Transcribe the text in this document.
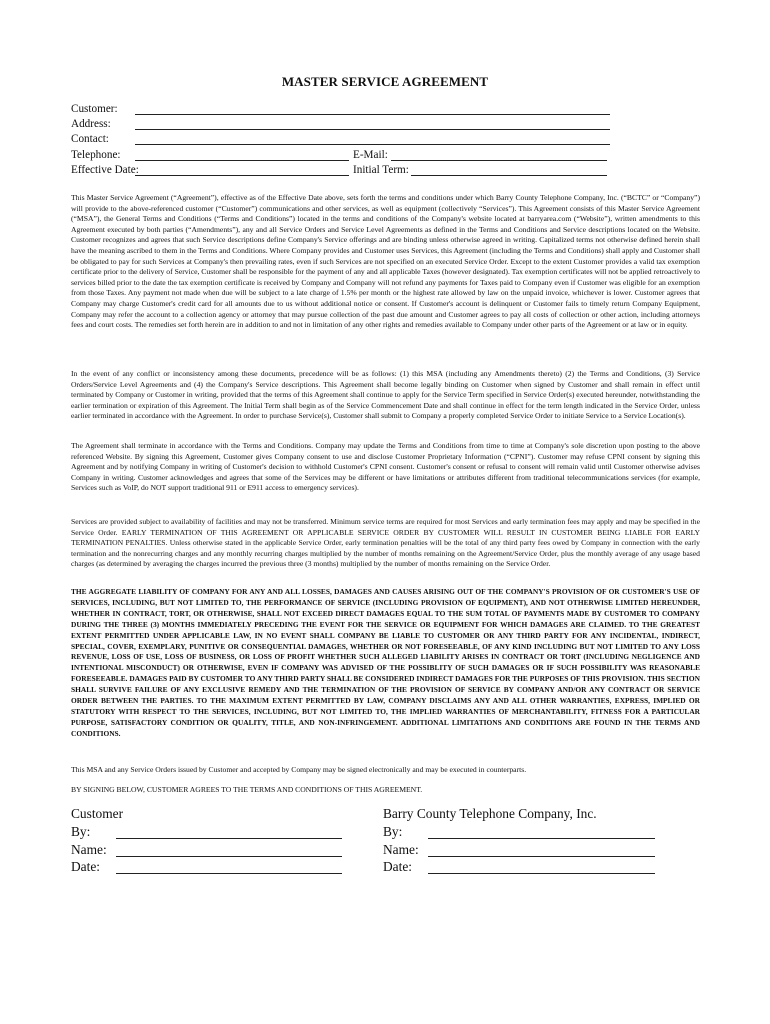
MASTER SERVICE AGREEMENT
Customer:
Address:
Contact:
Telephone:	E-Mail:
Effective Date:	Initial Term:
This Master Service Agreement (“Agreement”), effective as of the Effective Date above, sets forth the terms and conditions under which Barry County Telephone Company, Inc. (“BCTC” or “Company”) will provide to the above-referenced customer (“Customer”) communications and other services, as well as equipment (collectively “Services”). This Agreement consists of this Master Service Agreement (“MSA”), the General Terms and Conditions (“Terms and Conditions”) located in the terms and conditions of the Company's website located at barryarea.com (“Website”), written amendments to this Agreement executed by both parties (“Amendments”), any and all Service Orders and Service Level Agreements as defined in the Terms and Conditions and Service descriptions located on the Website. Customer recognizes and agrees that such Service descriptions define Company's Service offerings and are binding unless otherwise agreed in writing. Capitalized terms not otherwise defined herein shall have the meaning ascribed to them in the Terms and Conditions. Where Company provides and Customer uses Services, this Agreement (including the Terms and Conditions) shall apply and Customer shall be obligated to pay for such Services at Company's then prevailing rates, even if such Services are not specified on an executed Service Order. Except to the extent Customer provides a valid tax exemption certificate prior to the delivery of Service, Customer shall be responsible for the payment of any and all applicable Taxes (however designated). Tax exemption certificates will not be applied retroactively to services billed prior to the date the tax exemption certificate is received by Company and Company will not refund any payments for Taxes paid to Company even if Customer was eligible for an exemption from those Taxes. Any payment not made when due will be subject to a late charge of 1.5% per month or the highest rate allowed by law on the unpaid invoice, whichever is lower. Customer agrees that Company may charge Customer's credit card for all amounts due to us without additional notice or consent. If Customer's account is delinquent or Customer fails to timely return Company Equipment, Company may refer the account to a collection agency or attorney that may pursue collection of the past due amount and Customer agrees to pay all costs of collection or other action, including attorneys fees and court costs. The remedies set forth herein are in addition to and not in limitation of any other rights and remedies available to Company under other parts of the Agreement or at law or in equity.
In the event of any conflict or inconsistency among these documents, precedence will be as follows: (1) this MSA (including any Amendments thereto) (2) the Terms and Conditions, (3) Service Orders/Service Level Agreements and (4) the Company's Service descriptions. This Agreement shall become legally binding on Customer when signed by Customer and shall remain in effect until terminated by Company or Customer in writing, provided that the terms of this Agreement shall continue to apply for the Service Term specified in Service Order(s) executed hereunder, notwithstanding the earlier termination or expiration of this Agreement. The Initial Term shall begin as of the Service Commencement Date and shall continue in effect for the term length indicated in the Service Order, unless earlier terminated in accordance with the Agreement. In order to purchase Service(s), Customer shall submit to Company a properly completed Service Order to initiate Service to a Service Location(s).
The Agreement shall terminate in accordance with the Terms and Conditions. Company may update the Terms and Conditions from time to time at Company's sole discretion upon posting to the above referenced Website. By signing this Agreement, Customer gives Company consent to use and disclose Customer Proprietary Information (“CPNI”). Customer may refuse CPNI consent by signing this Agreement and by notifying Company in writing of Customer's decision to withhold Customer's CPNI consent. Customer's consent or refusal to consent will remain valid until Customer otherwise advises Company in writing. Customer acknowledges and agrees that some of the Services may be different or have limitations or attributes different from traditional telecommunications services (for example, Services such as VoIP, do NOT support traditional 911 or E911 access to emergency services).
Services are provided subject to availability of facilities and may not be transferred. Minimum service terms are required for most Services and early termination fees may apply and may be specified in the Service Order. EARLY TERMINATION OF THIS AGREEMENT OR APPLICABLE SERVICE ORDER BY CUSTOMER WILL RESULT IN CUSTOMER BEING LIABLE FOR EARLY TERMINATION PENALTIES. Unless otherwise stated in the applicable Service Order, early termination penalties will be the total of any third party fees owed by Company in connection with the early termination and the nonrecurring charges and any monthly recurring charges multiplied by the number of months remaining on the Agreement/Service Order, plus the monthly average of any usage based charges (as determined by averaging the charges incurred the previous three (3 months) multiplied by the number of months remaining on the Service Order.
THE AGGREGATE LIABILITY OF COMPANY FOR ANY AND ALL LOSSES, DAMAGES AND CAUSES ARISING OUT OF THE COMPANY'S PROVISION OF OR CUSTOMER'S USE OF SERVICES, INCLUDING, BUT NOT LIMITED TO, THE PERFORMANCE OF SERVICE (INCLUDING PROVISION OF EQUIPMENT), AND NOT OTHERWISE LIMITED HEREUNDER, WHETHER IN CONTRACT, TORT, OR OTHERWISE, SHALL NOT EXCEED DIRECT DAMAGES EQUAL TO THE SUM TOTAL OF PAYMENTS MADE BY CUSTOMER TO COMPANY DURING THE THREE (3) MONTHS IMMEDIATELY PRECEDING THE EVENT FOR THE SERVICE OR EQUIPMENT FOR WHICH DAMAGES ARE CLAIMED. TO THE GREATEST EXTENT PERMITTED UNDER APPLICABLE LAW, IN NO EVENT SHALL COMPANY BE LIABLE TO CUSTOMER OR ANY THIRD PARTY FOR ANY INCIDENTAL, INDIRECT, SPECIAL, COVER, EXEMPLARY, PUNITIVE OR CONSEQUENTIAL DAMAGES, WHETHER OR NOT FORESEEABLE, OF ANY KIND INCLUDING BUT NOT LIMITED TO ANY LOSS REVENUE, LOSS OF USE, LOSS OF BUSINESS, OR LOSS OF PROFIT WHETHER SUCH ALLEGED LIABILITY ARISES IN CONTRACT OR TORT (INCLUDING NEGLIGENCE AND INTENTIONAL MISCONDUCT) OR OTHERWISE, EVEN IF COMPANY WAS ADVISED OF THE POSSIBLITY OF SUCH DAMAGES OR IF SUCH POSSIBILITY WAS REASONABLE FORESEEABLE. DAMAGES PAID BY CUSTOMER TO ANY THIRD PARTY SHALL BE CONSIDERED INDIRECT DAMAGES FOR THE PURPOSES OF THIS PROVISION. THIS SECTION SHALL SURVIVE FAILURE OF ANY EXCLUSIVE REMEDY AND THE TERMINATION OF THE PROVISION OF SERVICE BY COMPANY AND/OR ANY CONTRACT OR SERVICE ORDER BETWEEN THE PARTIES. TO THE MAXIMUM EXTENT PERMITTED BY LAW, COMPANY DISCLAIMS ANY AND ALL OTHER WARRANTIES, EXPRESS, IMPLIED OR STATUTORY WITH RESPECT TO THE SERVICES, INCLUDING, BUT NOT LIMITED TO, THE IMPLIED WARRANTIES OF MERCHANTABILITY, FITNESS FOR A PARTICULAR PURPOSE, SATISFACTORY CONDITION OR QUALITY, TITLE, AND NON-INFRINGEMENT. ADDITIONAL LIMITATIONS AND CONDITIONS ARE FOUND IN THE TERMS AND CONDITIONS.
This MSA and any Service Orders issued by Customer and accepted by Company may be signed electronically and may be executed in counterparts.
BY SIGNING BELOW, CUSTOMER AGREES TO THE TERMS AND CONDITIONS OF THIS AGREEMENT.
Customer
By:
Name:
Date:
Barry County Telephone Company, Inc.
By:
Name:
Date:
